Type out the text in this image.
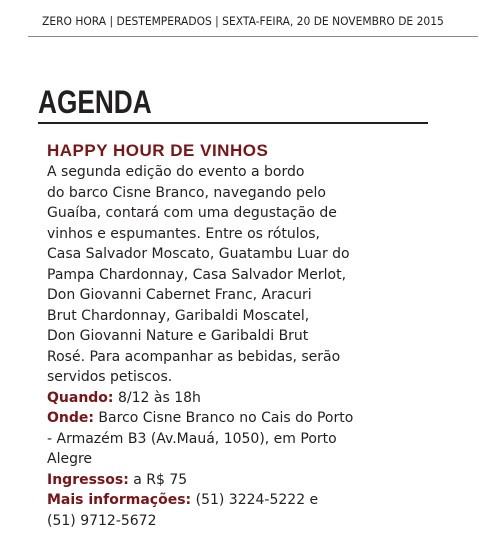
ZERO HORA | DESTEMPERADOS | SEXTA-FEIRA, 20 DE NOVEMBRO DE 2015
AGENDA
HAPPY HOUR DE VINHOS
A segunda edição do evento a bordo
do barco Cisne Branco, navegando pelo
Guaíba, contará com uma degustação de
vinhos e espumantes. Entre os rótulos,
Casa Salvador Moscato, Guatambu Luar do
Pampa Chardonnay, Casa Salvador Merlot,
Don Giovanni Cabernet Franc, Aracuri
Brut Chardonnay, Garibaldi Moscatel,
Don Giovanni Nature e Garibaldi Brut
Rosé. Para acompanhar as bebidas, serão
servidos petiscos.
Quando: 8/12 às 18h
Onde: Barco Cisne Branco no Cais do Porto
- Armazém B3 (Av.Mauá, 1050), em Porto
Alegre
Ingressos: a R$ 75
Mais informações: (51) 3224-5222 e
(51) 9712-5672
